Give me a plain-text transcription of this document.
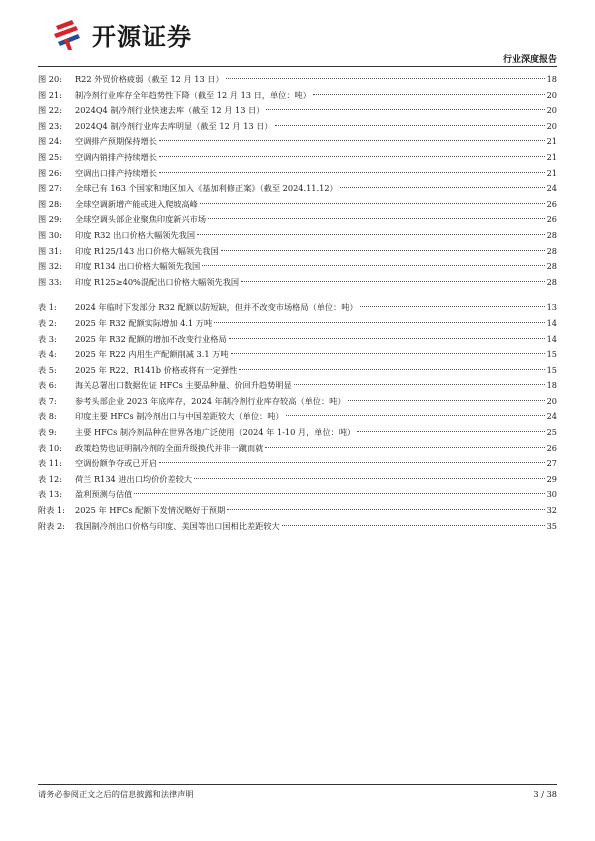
开源证券
行业深度报告
图 20:	R22 外贸价格疲弱（截至 12 月 13 日）	18
图 21:	制冷剂行业库存全年趋势性下降（截至 12 月 13 日，单位：吨）	20
图 22:	2024Q4 制冷剂行业快速去库（截至 12 月 13 日）	20
图 23:	2024Q4 制冷剂行业库去库明显（截至 12 月 13 日）	20
图 24:	空调排产预期保持增长	21
图 25:	空调内销排产持续增长	21
图 26:	空调出口排产持续增长	21
图 27:	全球已有 163 个国家和地区加入《基加利修正案》（截至 2024.11.12）	24
图 28:	全球空调新增产能或进入爬坡高峰	26
图 29:	全球空调头部企业聚焦印度新兴市场	26
图 30:	印度 R32 出口价格大幅领先我国	28
图 31:	印度 R125/143 出口价格大幅领先我国	28
图 32:	印度 R134 出口价格大幅领先我国	28
图 33:	印度 R125≥40%混配出口价格大幅领先我国	28
表 1:	2024 年临时下发部分 R32 配额以防短缺，但并不改变市场格局（单位：吨）	13
表 2:	2025 年 R32 配额实际增加 4.1 万吨	14
表 3:	2025 年 R32 配额的增加不改变行业格局	14
表 4:	2025 年 R22 内用生产配额削减 3.1 万吨	15
表 5:	2025 年 R22、R141b 价格或将有一定弹性	15
表 6:	海关总署出口数据佐证 HFCs 主要品种量、价回升趋势明显	18
表 7:	参考头部企业 2023 年底库存，2024 年制冷剂行业库存较高（单位：吨）	20
表 8:	印度主要 HFCs 制冷剂出口与中国差距较大（单位：吨）	24
表 9:	主要 HFCs 制冷剂品种在世界各地广泛使用（2024 年 1-10 月，单位：吨）	25
表 10:	政策趋势也证明制冷剂的全面升级换代并非一蹴而就	26
表 11:	空调份额争夺或已开启	27
表 12:	荷兰 R134 进出口均价价差较大	29
表 13:	盈利预测与估值	30
附表 1:	2025 年 HFCs 配额下发情况略好于预期	32
附表 2:	我国制冷剂出口价格与印度、美国等出口国相比差距较大	35
请务必参阅正文之后的信息披露和法律声明	3 / 38
